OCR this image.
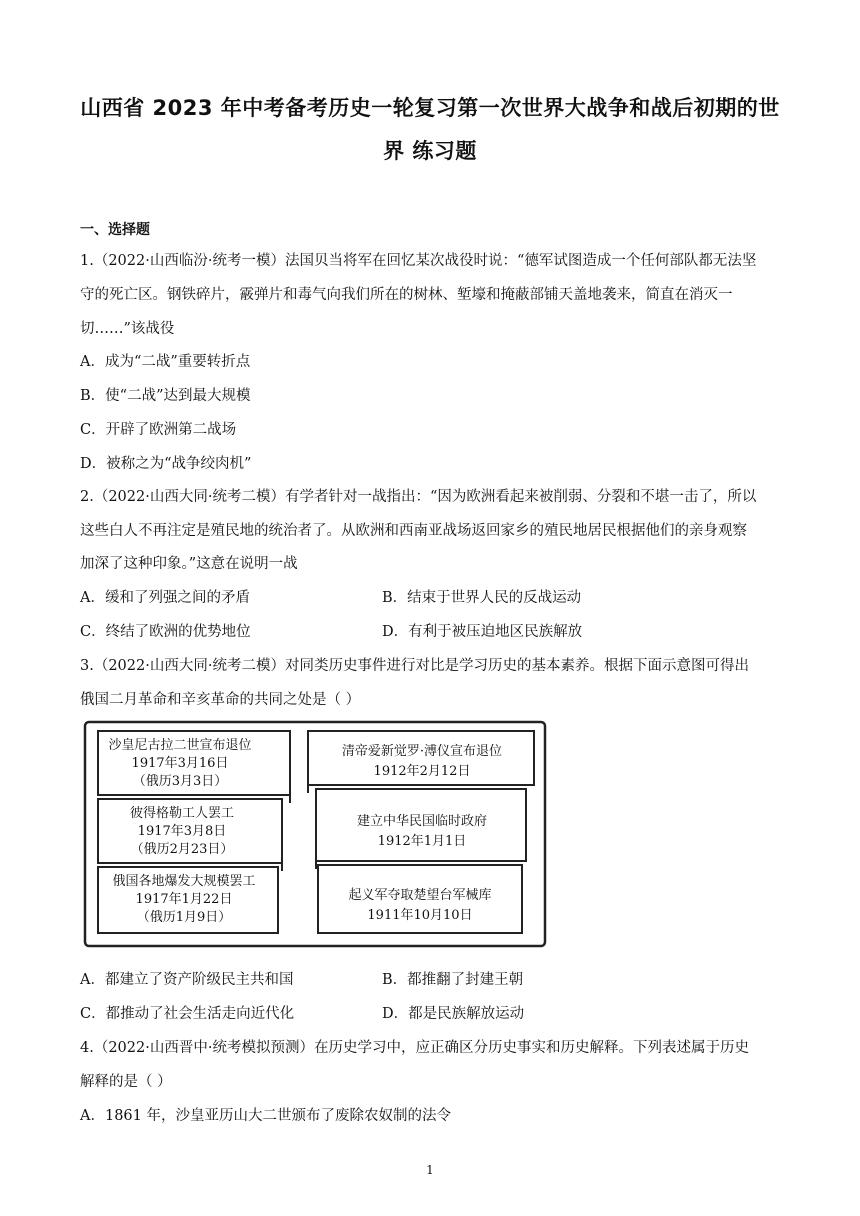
山西省 2023 年中考备考历史一轮复习第一次世界大战争和战后初期的世
界 练习题
一、选择题
1.（2022·山西临汾·统考一模）法国贝当将军在回忆某次战役时说：“德军试图造成一个任何部队都无法坚
守的死亡区。钢铁碎片，霰弹片和毒气向我们所在的树林、堑壕和掩蔽部铺天盖地袭来，简直在消灭一
切……”该战役
A．成为“二战”重要转折点
B．使“二战”达到最大规模
C．开辟了欧洲第二战场
D．被称之为“战争绞肉机”
2.（2022·山西大同·统考二模）有学者针对一战指出：“因为欧洲看起来被削弱、分裂和不堪一击了，所以
这些白人不再注定是殖民地的统治者了。从欧洲和西南亚战场返回家乡的殖民地居民根据他们的亲身观察
加深了这种印象。”这意在说明一战
A．缓和了列强之间的矛盾	B．结束于世界人民的反战运动
C．终结了欧洲的优势地位	D．有利于被压迫地区民族解放
3.（2022·山西大同·统考二模）对同类历史事件进行对比是学习历史的基本素养。根据下面示意图可得出
俄国二月革命和辛亥革命的共同之处是（ ）
沙皇尼古拉二世宣布退位
1917年3月16日
（俄历3月3日）
彼得格勒工人罢工
1917年3月8日
（俄历2月23日）
俄国各地爆发大规模罢工
1917年1月22日
（俄历1月9日）
清帝爱新觉罗·溥仪宣布退位
1912年2月12日
建立中华民国临时政府
1912年1月1日
起义军夺取楚望台军械库
1911年10月10日
A．都建立了资产阶级民主共和国	B．都推翻了封建王朝
C．都推动了社会生活走向近代化	D．都是民族解放运动
4.（2022·山西晋中·统考模拟预测）在历史学习中，应正确区分历史事实和历史解释。下列表述属于历史
解释的是（ ）
A．1861 年，沙皇亚历山大二世颁布了废除农奴制的法令
1
